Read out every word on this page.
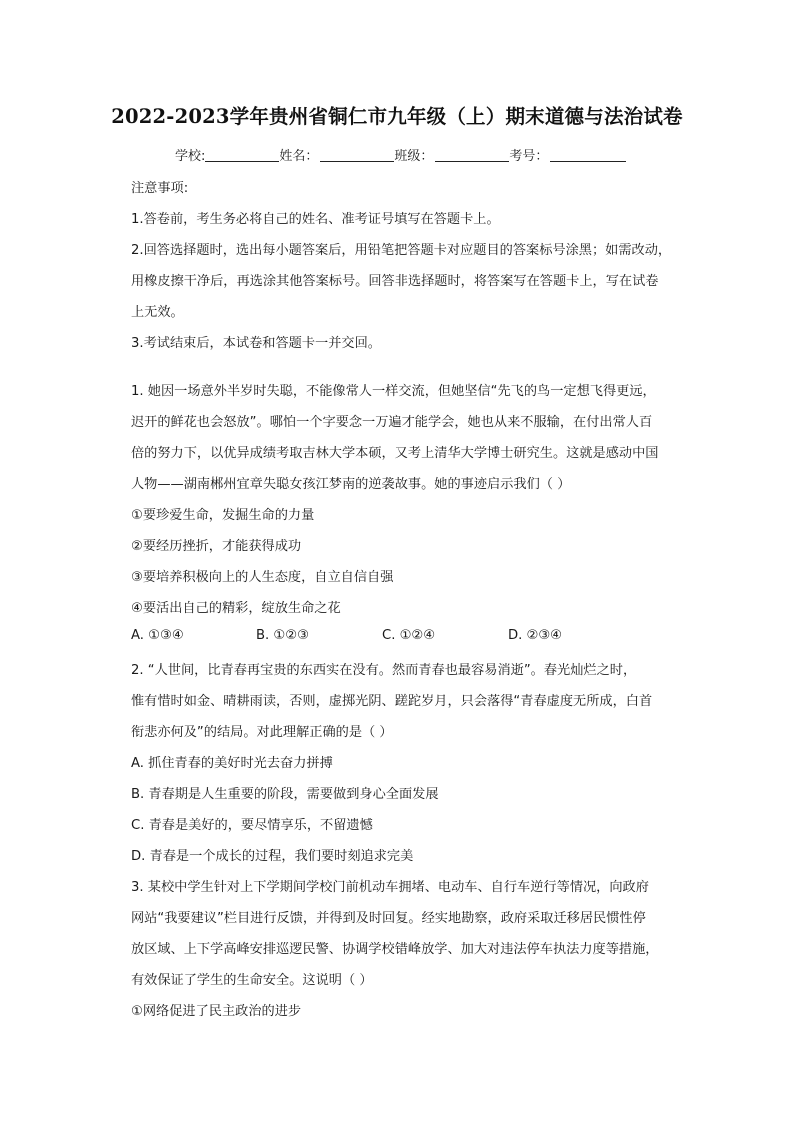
2022-2023学年贵州省铜仁市九年级（上）期末道德与法治试卷
学校:	姓名：	班级：	考号：
注意事项:
1.答卷前，考生务必将自己的姓名、准考证号填写在答题卡上。
2.回答选择题时，选出每小题答案后，用铅笔把答题卡对应题目的答案标号涂黑；如需改动，
用橡皮擦干净后，再选涂其他答案标号。回答非选择题时，将答案写在答题卡上，写在试卷
上无效。
3.考试结束后，本试卷和答题卡一并交回。
1. 她因一场意外半岁时失聪，不能像常人一样交流，但她坚信“先飞的鸟一定想飞得更远，
迟开的鲜花也会怒放”。哪怕一个字要念一万遍才能学会，她也从来不服输，在付出常人百
倍的努力下，以优异成绩考取吉林大学本硕，又考上清华大学博士研究生。这就是感动中国
人物——湖南郴州宜章失聪女孩江梦南的逆袭故事。她的事迹启示我们（ ）
①要珍爱生命，发掘生命的力量
②要经历挫折，才能获得成功
③要培养积极向上的人生态度，自立自信自强
④要活出自己的精彩，绽放生命之花
A. ①③④	B. ①②③	C. ①②④	D. ②③④
2. “人世间，比青春再宝贵的东西实在没有。然而青春也最容易消逝”。春光灿烂之时，
惟有惜时如金、晴耕雨读，否则，虚掷光阴、蹉跎岁月，只会落得“青春虚度无所成，白首
衔悲亦何及”的结局。对此理解正确的是（ ）
A. 抓住青春的美好时光去奋力拼搏
B. 青春期是人生重要的阶段，需要做到身心全面发展
C. 青春是美好的，要尽情享乐，不留遗憾
D. 青春是一个成长的过程，我们要时刻追求完美
3. 某校中学生针对上下学期间学校门前机动车拥堵、电动车、自行车逆行等情况，向政府
网站“我要建议”栏目进行反馈，并得到及时回复。经实地勘察，政府采取迁移居民惯性停
放区域、上下学高峰安排巡逻民警、协调学校错峰放学、加大对违法停车执法力度等措施，
有效保证了学生的生命安全。这说明（ ）
①网络促进了民主政治的进步
